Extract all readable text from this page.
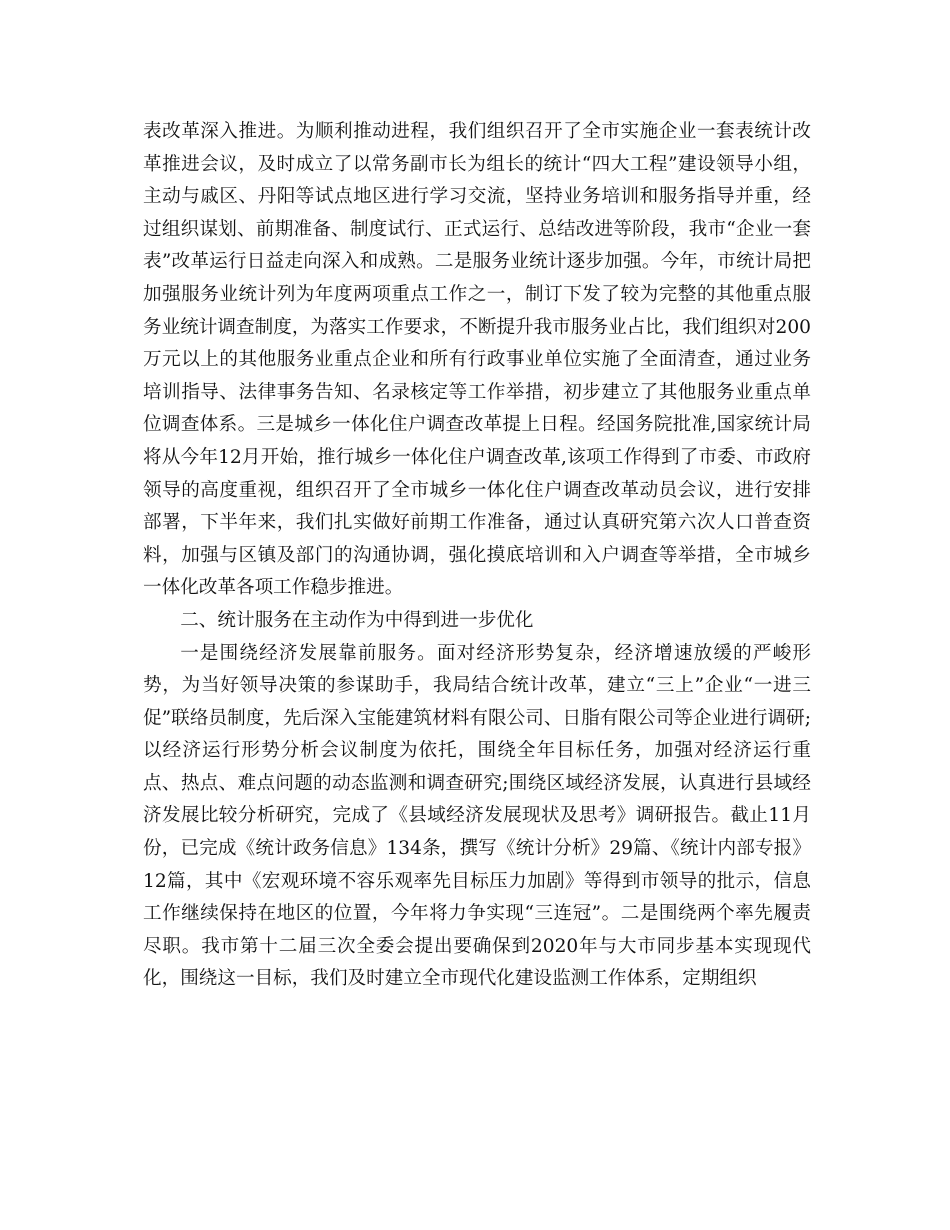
表改革深入推进。为顺利推动进程，我们组织召开了全市实施企业一套表统计改革推进会议，及时成立了以常务副市长为组长的统计“四大工程”建设领导小组，主动与戚区、丹阳等试点地区进行学习交流，坚持业务培训和服务指导并重，经过组织谋划、前期准备、制度试行、正式运行、总结改进等阶段，我市“企业一套表”改革运行日益走向深入和成熟。二是服务业统计逐步加强。今年，市统计局把加强服务业统计列为年度两项重点工作之一，制订下发了较为完整的其他重点服务业统计调查制度，为落实工作要求，不断提升我市服务业占比，我们组织对200万元以上的其他服务业重点企业和所有行政事业单位实施了全面清查，通过业务培训指导、法律事务告知、名录核定等工作举措，初步建立了其他服务业重点单位调查体系。三是城乡一体化住户调查改革提上日程。经国务院批准,国家统计局将从今年12月开始，推行城乡一体化住户调查改革,该项工作得到了市委、市政府领导的高度重视，组织召开了全市城乡一体化住户调查改革动员会议，进行安排部署，下半年来，我们扎实做好前期工作准备，通过认真研究第六次人口普查资料，加强与区镇及部门的沟通协调，强化摸底培训和入户调查等举措，全市城乡一体化改革各项工作稳步推进。

二、统计服务在主动作为中得到进一步优化

一是围绕经济发展靠前服务。面对经济形势复杂，经济增速放缓的严峻形势，为当好领导决策的参谋助手，我局结合统计改革，建立“三上”企业“一进三促”联络员制度，先后深入宝能建筑材料有限公司、日脂有限公司等企业进行调研;以经济运行形势分析会议制度为依托，围绕全年目标任务，加强对经济运行重点、热点、难点问题的动态监测和调查研究;围绕区域经济发展，认真进行县域经济发展比较分析研究，完成了《县域经济发展现状及思考》调研报告。截止11月份，已完成《统计政务信息》134条，撰写《统计分析》29篇、《统计内部专报》12篇，其中《宏观环境不容乐观率先目标压力加剧》等得到市领导的批示，信息工作继续保持在地区的位置，今年将力争实现“三连冠”。二是围绕两个率先履责尽职。我市第十二届三次全委会提出要确保到2020年与大市同步基本实现现代化，围绕这一目标，我们及时建立全市现代化建设监测工作体系，定期组织
